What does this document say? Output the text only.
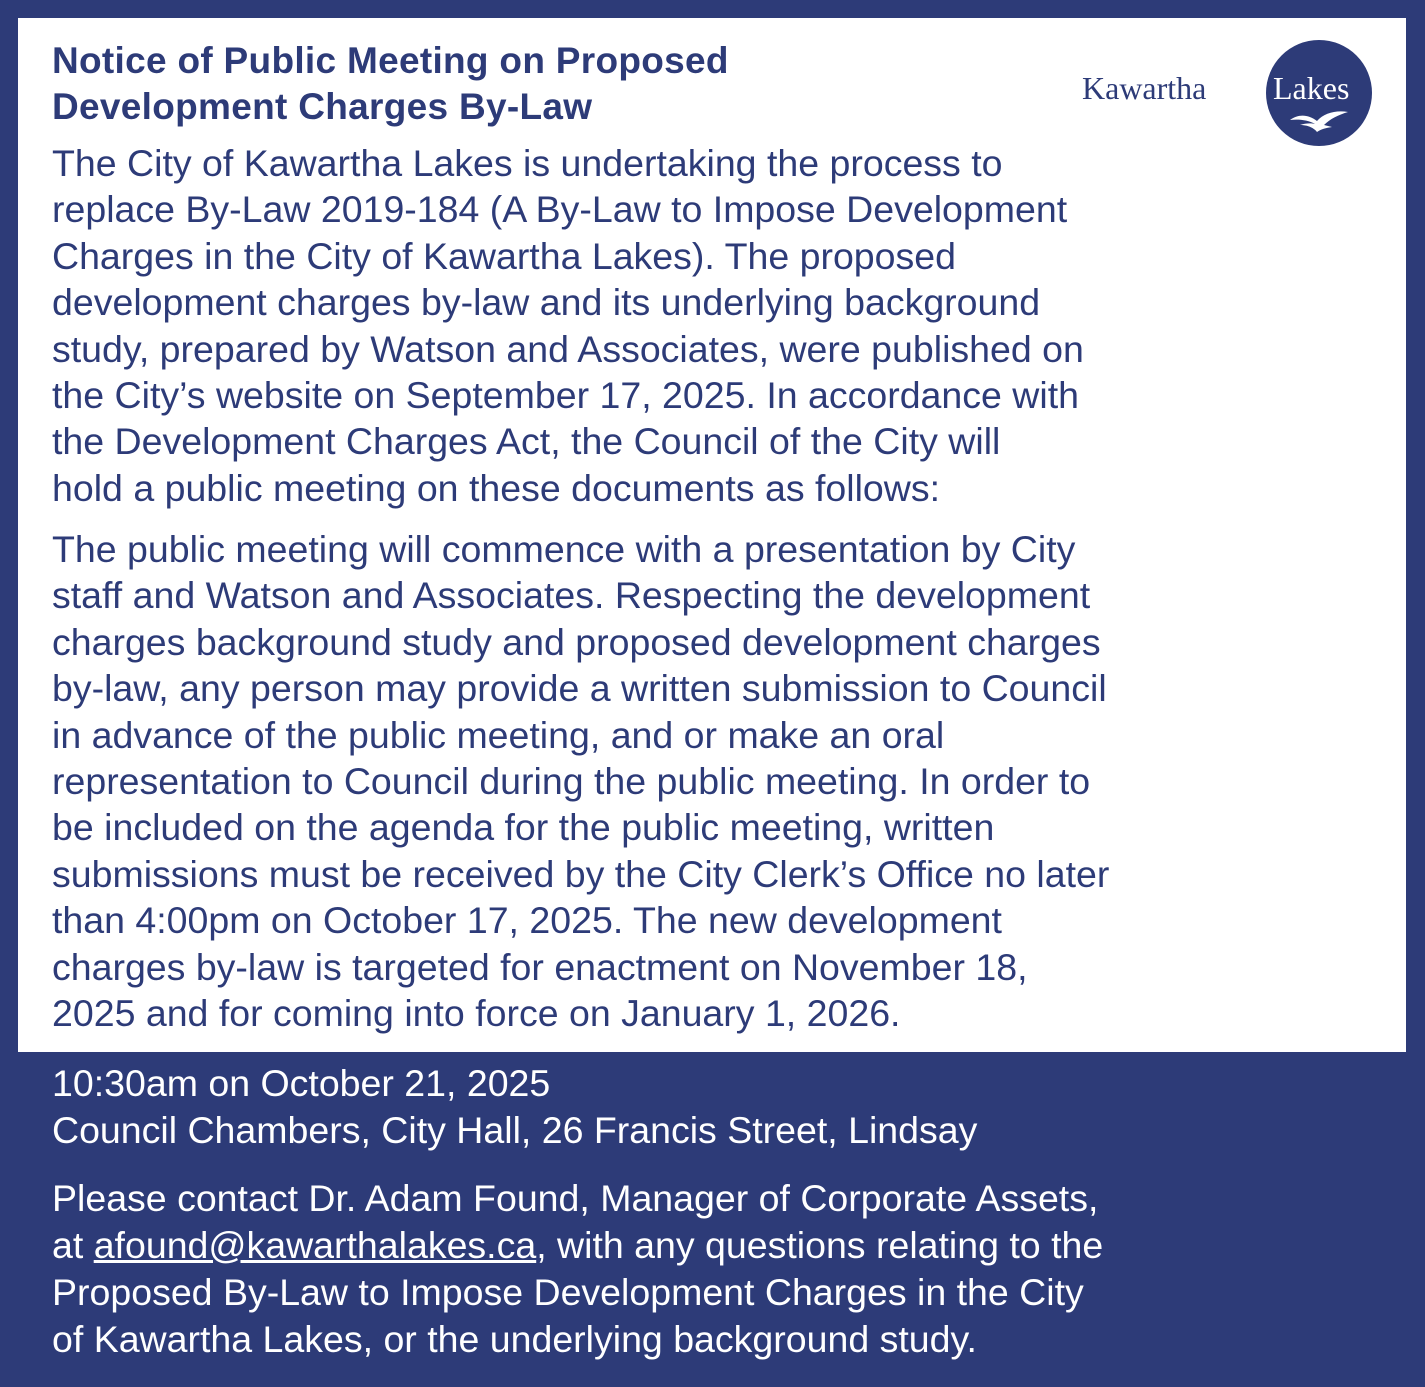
Notice of Public Meeting on Proposed
Development Charges By-Law	Kawartha Lakes
The City of Kawartha Lakes is undertaking the process to
replace By-Law 2019-184 (A By-Law to Impose Development
Charges in the City of Kawartha Lakes). The proposed
development charges by-law and its underlying background
study, prepared by Watson and Associates, were published on
the City’s website on September 17, 2025. In accordance with
the Development Charges Act, the Council of the City will
hold a public meeting on these documents as follows:
The public meeting will commence with a presentation by City
staff and Watson and Associates. Respecting the development
charges background study and proposed development charges
by-law, any person may provide a written submission to Council
in advance of the public meeting, and or make an oral
representation to Council during the public meeting. In order to
be included on the agenda for the public meeting, written
submissions must be received by the City Clerk’s Office no later
than 4:00pm on October 17, 2025. The new development
charges by-law is targeted for enactment on November 18,
2025 and for coming into force on January 1, 2026.
10:30am on October 21, 2025
Council Chambers, City Hall, 26 Francis Street, Lindsay
Please contact Dr. Adam Found, Manager of Corporate Assets,
at afound@kawarthalakes.ca, with any questions relating to the
Proposed By-Law to Impose Development Charges in the City
of Kawartha Lakes, or the underlying background study.
